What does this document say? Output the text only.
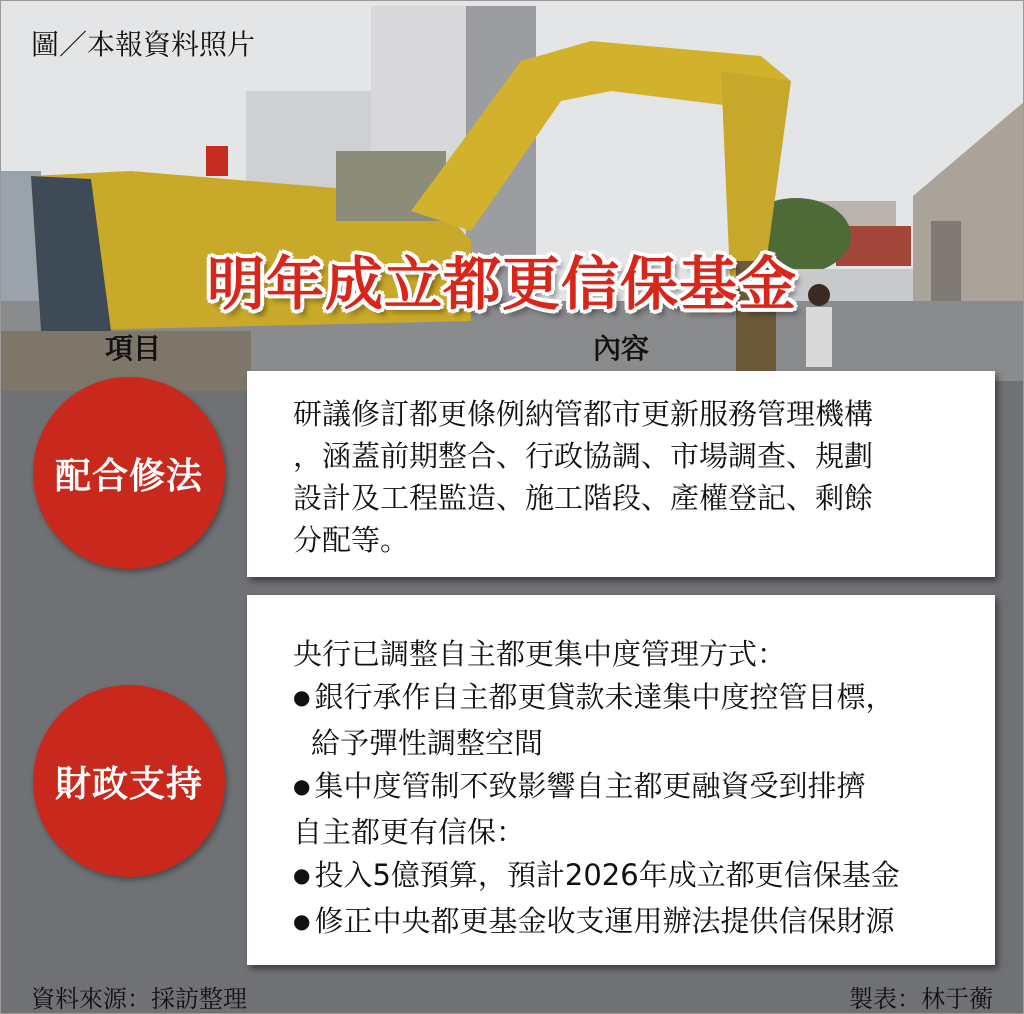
圖／本報資料照片
明年成立都更信保基金
項目	內容
研議修訂都更條例納管都市更新服務管理機構
，涵蓋前期整合、行政協調、市場調查、規劃
設計及工程監造、施工階段、產權登記、剩餘
分配等。
央行已調整自主都更集中度管理方式：
● 銀行承作自主都更貸款未達集中度控管目標，
給予彈性調整空間
● 集中度管制不致影響自主都更融資受到排擠
自主都更有信保：
● 投入5億預算，預計2026年成立都更信保基金
● 修正中央都更基金收支運用辦法提供信保財源
配合修法
財政支持
資料來源：採訪整理	製表：林于蘅
